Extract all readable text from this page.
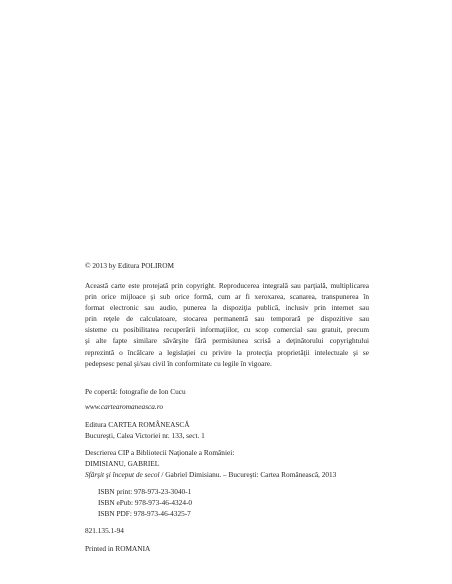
© 2013 by Editura POLIROM
Această carte este protejată prin copyright. Reproducerea integrală sau parţială, multiplicarea
prin orice mijloace şi sub orice formă, cum ar fi xeroxarea, scanarea, transpunerea în
format electronic sau audio, punerea la dispoziţia publică, inclusiv prin internet sau
prin reţele de calculatoare, stocarea permanentă sau temporară pe dispozitive sau
sisteme cu posibilitatea recuperării informaţiilor, cu scop comercial sau gratuit, precum
şi alte fapte similare săvârşite fără permisiunea scrisă a deţinătorului copyrightului
reprezintă o încălcare a legislaţiei cu privire la protecţia proprietăţii intelectuale şi se
pedepsesc penal şi/sau civil în conformitate cu legile în vigoare.
Pe copertă: fotografie de Ion Cucu
www.cartearomaneasca.ro
Editura CARTEA ROMÂNEASCĂ
Bucureşti, Calea Victoriei nr. 133, sect. 1
Descrierea CIP a Bibliotecii Naţionale a României:
DIMISIANU, GABRIEL
Sfârşit şi început de secol / Gabriel Dimisianu. – Bucureşti: Cartea Românească, 2013
ISBN print: 978-973-23-3040-1
ISBN ePub: 978-973-46-4324-0
ISBN PDF: 978-973-46-4325-7
821.135.1-94
Printed in ROMANIA
